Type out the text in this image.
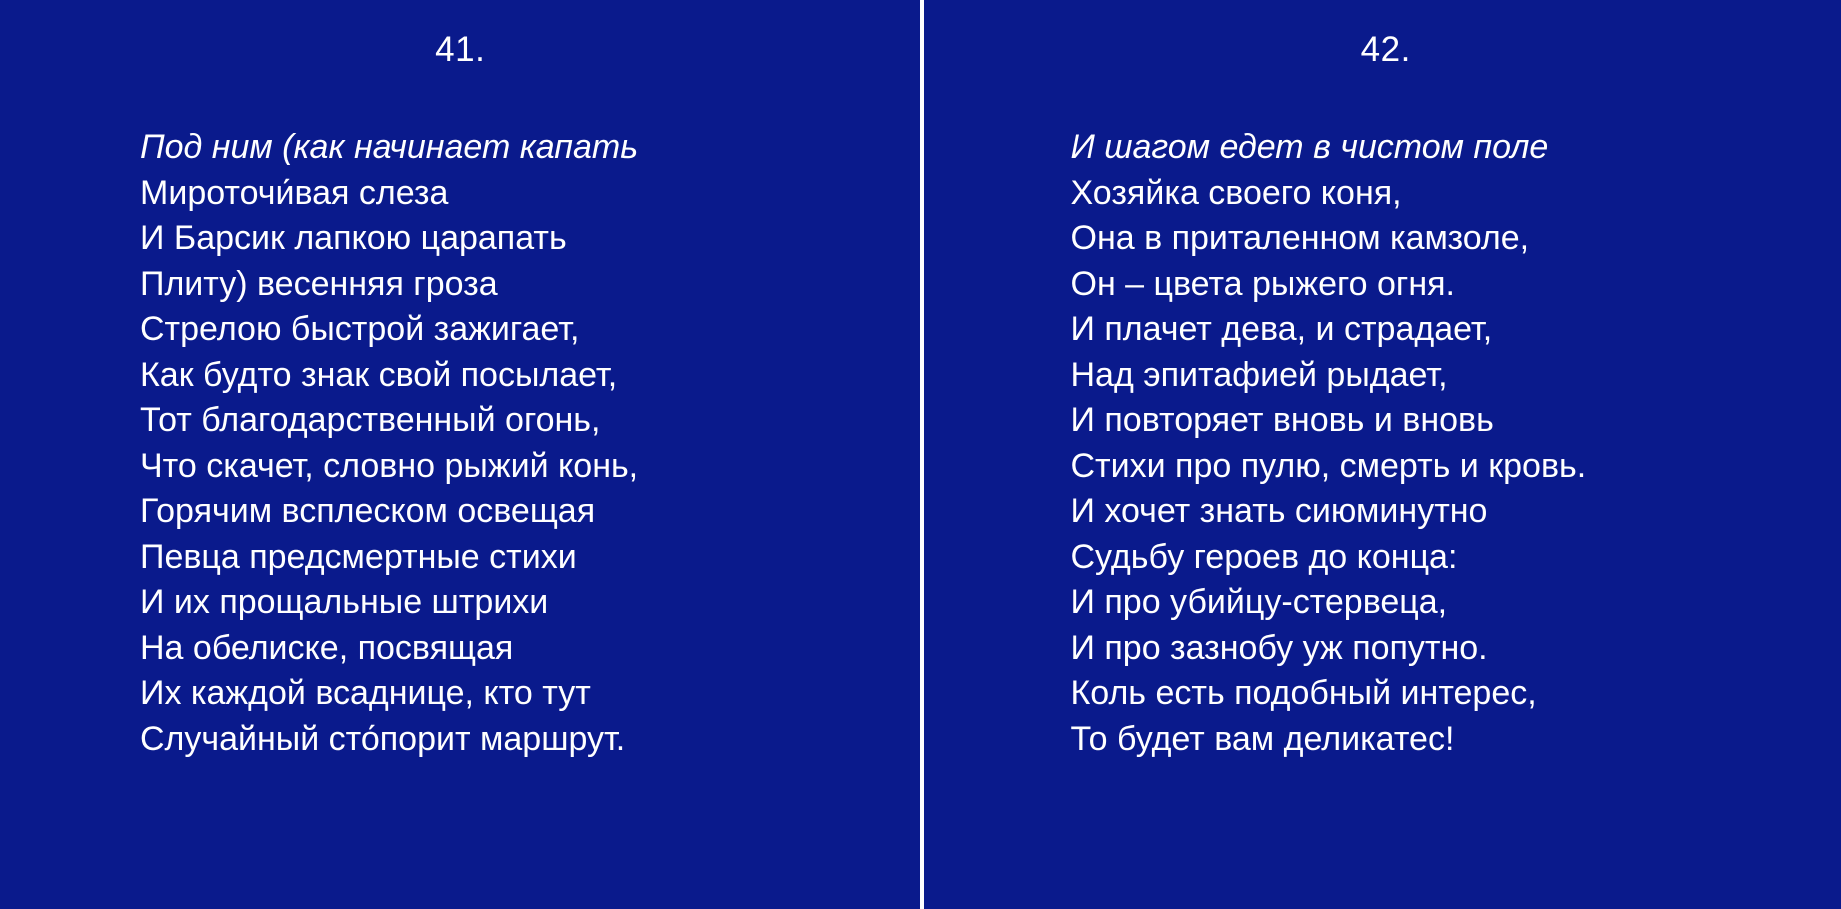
41.
Под ним (как начинает капать
Мироточи́вая слеза
И Барсик лапкою царапать
Плиту) весенняя гроза
Стрелою быстрой зажигает,
Как будто знак свой посылает,
Тот благодарственный огонь,
Что скачет, словно рыжий конь,
Горячим всплеском освещая
Певца предсмертные стихи
И их прощальные штрихи
На обелиске, посвящая
Их каждой всаднице, кто тут
Случайный сто́порит маршрут.
42.
И шагом едет в чистом поле
Хозяйка своего коня,
Она в приталенном камзоле,
Он – цвета рыжего огня.
И плачет дева, и страдает,
Над эпитафией рыдает,
И повторяет вновь и вновь
Стихи про пулю, смерть и кровь.
И хочет знать сиюминутно
Судьбу героев до конца:
И про убийцу-стервеца,
И про зазнобу уж попутно.
Коль есть подобный интерес,
То будет вам деликатес!
